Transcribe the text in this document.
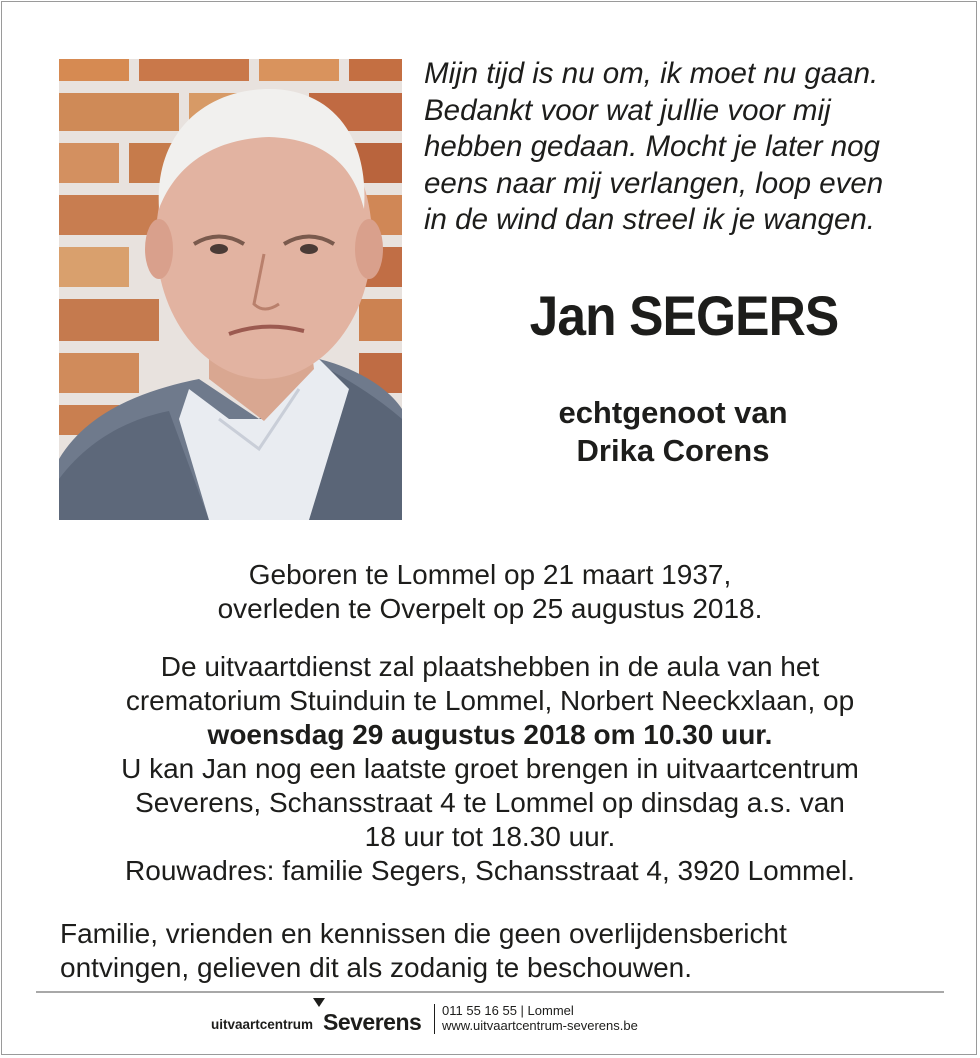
Mijn tijd is nu om, ik moet nu gaan.
Bedankt voor wat jullie voor mij
hebben gedaan. Mocht je later nog
eens naar mij verlangen, loop even
in de wind dan streel ik je wangen.
Jan SEGERS
echtgenoot van
Drika Corens
Geboren te Lommel op 21 maart 1937,
overleden te Overpelt op 25 augustus 2018.
De uitvaartdienst zal plaatshebben in de aula van het
crematorium Stuinduin te Lommel, Norbert Neeckxlaan, op
woensdag 29 augustus 2018 om 10.30 uur.
U kan Jan nog een laatste groet brengen in uitvaartcentrum
Severens, Schansstraat 4 te Lommel op dinsdag a.s. van
18 uur tot 18.30 uur.
Rouwadres: familie Segers, Schansstraat 4, 3920 Lommel.
Familie, vrienden en kennissen die geen overlijdensbericht
ontvingen, gelieven dit als zodanig te beschouwen.
uitvaartcentrum Severens 011 55 16 55 | Lommel
www.uitvaartcentrum-severens.be
